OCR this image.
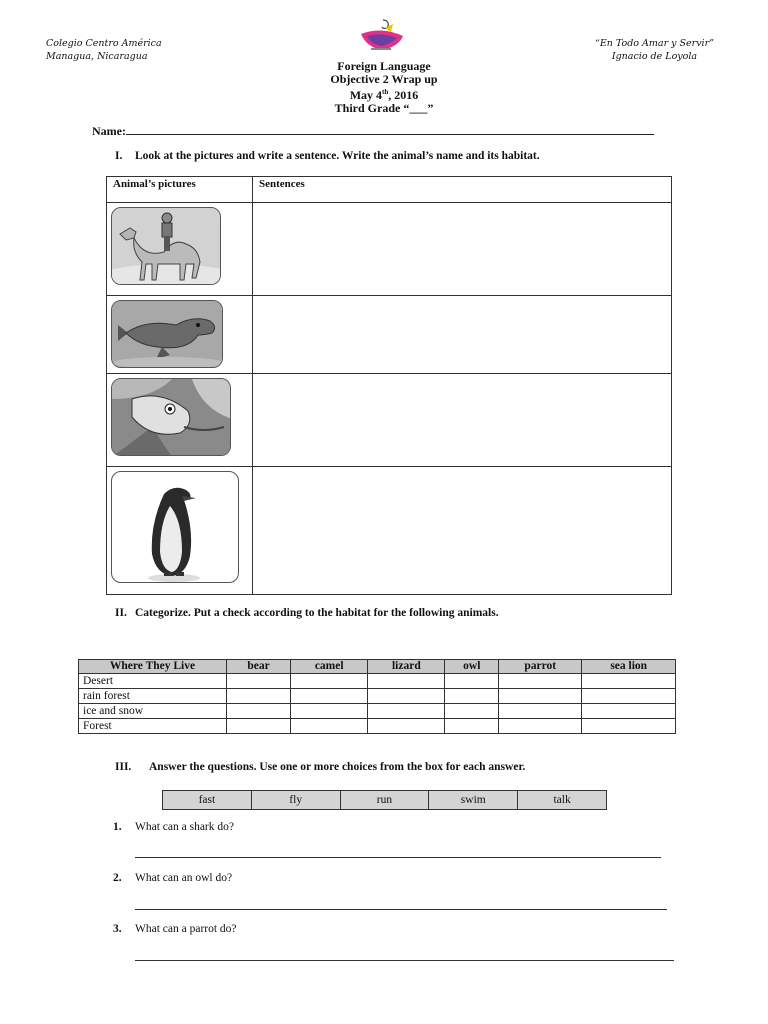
Colegio Centro América
Managua, Nicaragua
“En Todo Amar y Servir”
Ignacio de Loyola
Foreign Language
Objective 2 Wrap up
May 4th, 2016
Third Grade “___”
Name:
I. Look at the pictures and write a sentence. Write the animal’s name and its habitat.
Animal’s pictures	Sentences

II. Categorize. Put a check according to the habitat for the following animals.
Where They Live	bear	camel	lizard	owl	parrot	sea lion
Desert						
rain forest						
ice and snow						
Forest						
III. Answer the questions. Use one or more choices from the box for each answer.
fast	fly	run	swim	talk
1. What can a shark do?
2. What can an owl do?
3. What can a parrot do?
